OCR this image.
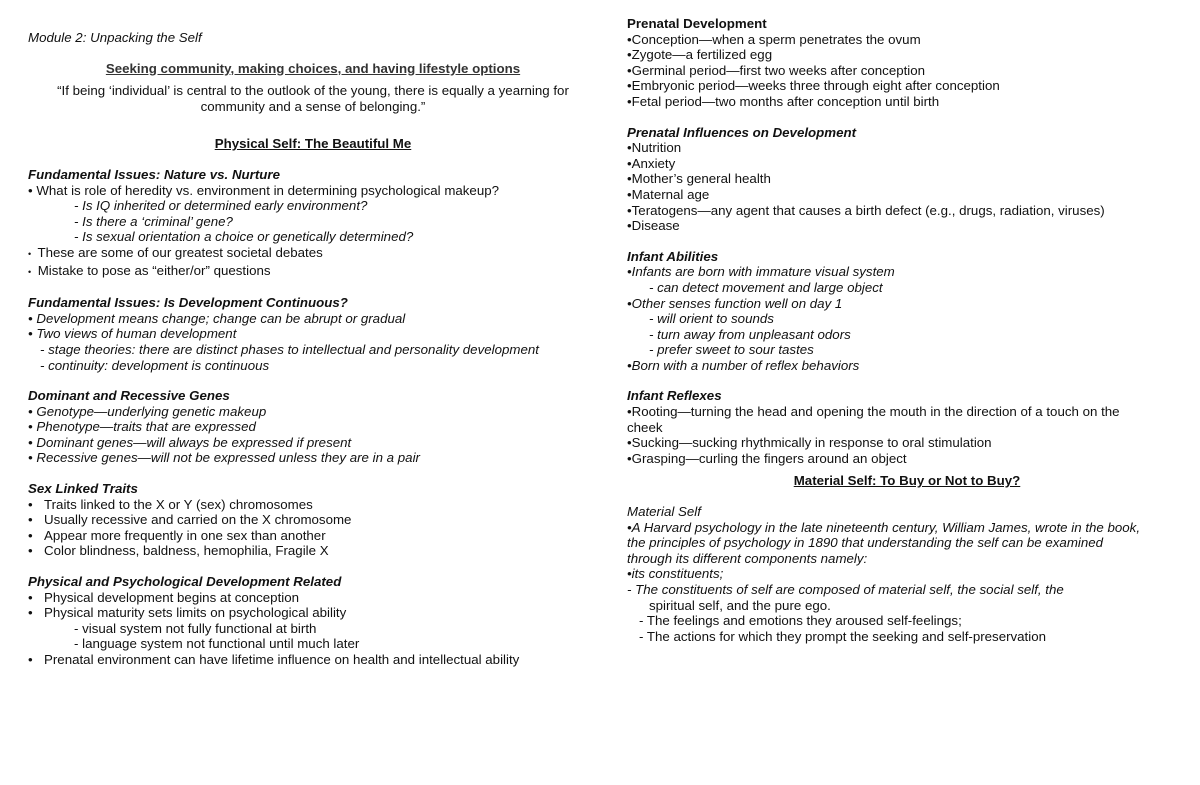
Module 2: Unpacking the Self
Seeking community, making choices, and having lifestyle options
“If being ‘individual’ is central to the outlook of the young, there is equally a yearning for community and a sense of belonging.”
Physical Self: The Beautiful Me
Fundamental Issues: Nature vs. Nurture
• What is role of heredity vs. environment in determining psychological makeup?
- Is IQ inherited or determined early environment?
- Is there a ‘criminal’ gene?
- Is sexual orientation a choice or genetically determined?
• These are some of our greatest societal debates
• Mistake to pose as “either/or” questions
Fundamental Issues: Is Development Continuous?
• Development means change; change can be abrupt or gradual
• Two views of human development
- stage theories: there are distinct phases to intellectual and personality development
- continuity: development is continuous
Dominant and Recessive Genes
• Genotype—underlying genetic makeup
• Phenotype—traits that are expressed
• Dominant genes—will always be expressed if present
• Recessive genes—will not be expressed unless they are in a pair
Sex Linked Traits
• Traits linked to the X or Y (sex) chromosomes
• Usually recessive and carried on the X chromosome
• Appear more frequently in one sex than another
• Color blindness, baldness, hemophilia, Fragile X
Physical and Psychological Development Related
• Physical development begins at conception
• Physical maturity sets limits on psychological ability
- visual system not fully functional at birth
- language system not functional until much later
• Prenatal environment can have lifetime influence on health and intellectual ability
Prenatal Development
•Conception—when a sperm penetrates the ovum
•Zygote—a fertilized egg
•Germinal period—first two weeks after conception
•Embryonic period—weeks three through eight after conception
•Fetal period—two months after conception until birth
Prenatal Influences on Development
•Nutrition
•Anxiety
•Mother’s general health
•Maternal age
•Teratogens—any agent that causes a birth defect (e.g., drugs, radiation, viruses)
•Disease
Infant Abilities
•Infants are born with immature visual system
- can detect movement and large object
•Other senses function well on day 1
- will orient to sounds
- turn away from unpleasant odors
- prefer sweet to sour tastes
•Born with a number of reflex behaviors
Infant Reflexes
•Rooting—turning the head and opening the mouth in the direction of a touch on the
cheek
•Sucking—sucking rhythmically in response to oral stimulation
•Grasping—curling the fingers around an object
Material Self: To Buy or Not to Buy?
Material Self
•A Harvard psychology in the late nineteenth century, William James, wrote in the book,
the principles of psychology in 1890 that understanding the self can be examined
through its different components namely:
•its constituents;
- The constituents of self are composed of material self, the social self, the
spiritual self, and the pure ego.
- The feelings and emotions they aroused self-feelings;
- The actions for which they prompt the seeking and self-preservation
